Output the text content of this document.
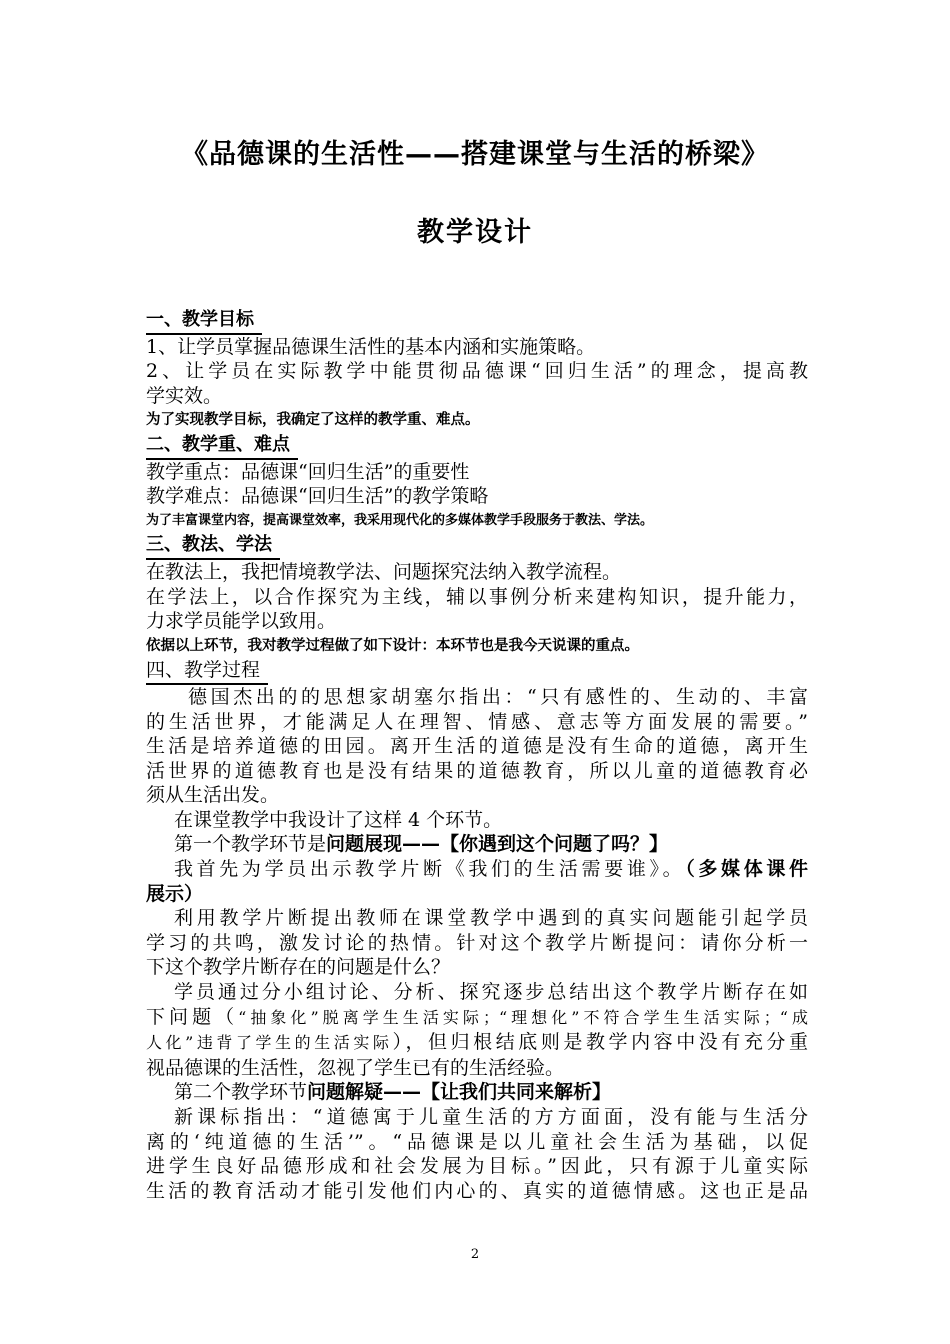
《品德课的生活性——搭建课堂与生活的桥梁》
教学设计
一、教学目标
1、让学员掌握品德课生活性的基本内涵和实施策略。
2、让学员在实际教学中能贯彻品德课“回归生活”的理念，提高教
学实效。
为了实现教学目标，我确定了这样的教学重、难点。
二、教学重、难点
教学重点：品德课“回归生活”的重要性
教学难点：品德课“回归生活”的教学策略
为了丰富课堂内容，提高课堂效率，我采用现代化的多媒体教学手段服务于教法、学法。
三、教法、学法
在教法上，我把情境教学法、问题探究法纳入教学流程。
在学法上，以合作探究为主线，辅以事例分析来建构知识，提升能力，
力求学员能学以致用。
依据以上环节，我对教学过程做了如下设计：本环节也是我今天说课的重点。
四、教学过程
德国杰出的的思想家胡塞尔指出：“只有感性的、生动的、丰富
的生活世界，才能满足人在理智、情感、意志等方面发展的需要。”
生活是培养道德的田园。离开生活的道德是没有生命的道德，离开生
活世界的道德教育也是没有结果的道德教育，所以儿童的道德教育必
须从生活出发。
在课堂教学中我设计了这样 4 个环节。
第一个教学环节是问题展现——【你遇到这个问题了吗？】
我首先为学员出示教学片断《我们的生活需要谁》。（多媒体课件
展示）
利用教学片断提出教师在课堂教学中遇到的真实问题能引起学员
学习的共鸣，激发讨论的热情。针对这个教学片断提问：请你分析一
下这个教学片断存在的问题是什么？
学员通过分小组讨论、分析、探究逐步总结出这个教学片断存在如
下问题（“抽象化”脱离学生生活实际；“理想化”不符合学生生活实际；“成
人化”违背了学生的生活实际），但归根结底则是教学内容中没有充分重
视品德课的生活性，忽视了学生已有的生活经验。
第二个教学环节问题解疑——【让我们共同来解析】
新课标指出：“道德寓于儿童生活的方方面面，没有能与生活分
离的‘纯道德的生活’”。“品德课是以儿童社会生活为基础，以促
进学生良好品德形成和社会发展为目标。”因此，只有源于儿童实际
生活的教育活动才能引发他们内心的、真实的道德情感。这也正是品
2
